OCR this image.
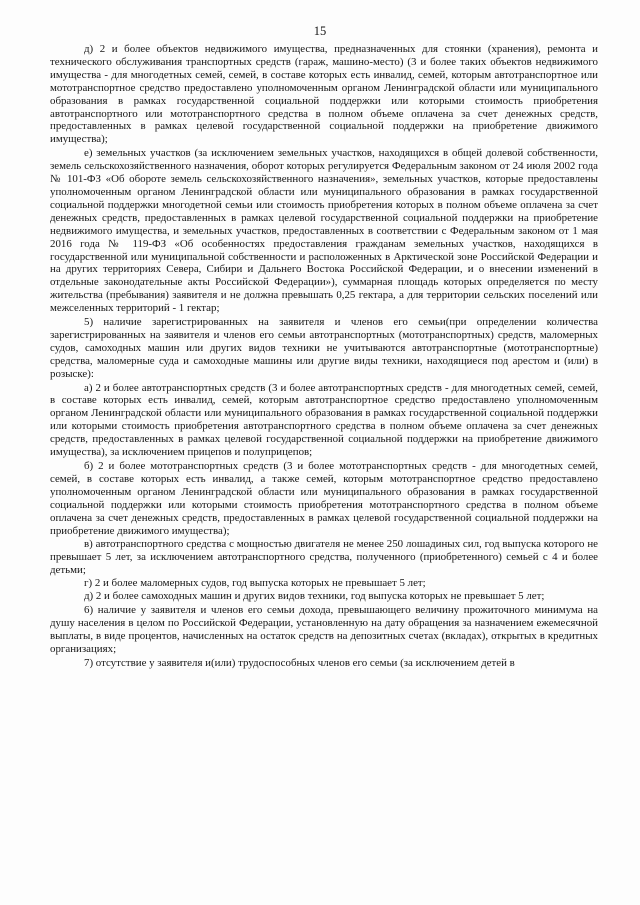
15

д) 2 и более объектов недвижимого имущества, предназначенных для стоянки (хранения), ремонта и технического обслуживания транспортных средств (гараж, машино-место) (3 и более таких объектов недвижимого имущества - для многодетных семей, семей, в составе которых есть инвалид, семей, которым автотранспортное или мототранспортное средство предоставлено уполномоченным органом Ленинградской области или муниципального образования в рамках государственной социальной поддержки или которыми стоимость приобретения автотранспортного или мототранспортного средства в полном объеме оплачена за счет денежных средств, предоставленных в рамках целевой государственной социальной поддержки на приобретение движимого имущества);

е) земельных участков (за исключением земельных участков, находящихся в общей долевой собственности, земель сельскохозяйственного назначения, оборот которых регулируется Федеральным законом от 24 июля 2002 года № 101-ФЗ «Об обороте земель сельскохозяйственного назначения», земельных участков, которые предоставлены уполномоченным органом Ленинградской области или муниципального образования в рамках государственной социальной поддержки многодетной семьи или стоимость приобретения которых в полном объеме оплачена за счет денежных средств, предоставленных в рамках целевой государственной социальной поддержки на приобретение недвижимого имущества, и земельных участков, предоставленных в соответствии с Федеральным законом от 1 мая 2016 года № 119-ФЗ «Об особенностях предоставления гражданам земельных участков, находящихся в государственной или муниципальной собственности и расположенных в Арктической зоне Российской Федерации и на других территориях Севера, Сибири и Дальнего Востока Российской Федерации, и о внесении изменений в отдельные законодательные акты Российской Федерации»), суммарная площадь которых определяется по месту жительства (пребывания) заявителя и не должна превышать 0,25 гектара, а для территории сельских поселений или межселенных территорий - 1 гектар;

5) наличие зарегистрированных на заявителя и членов его семьи(при определении количества зарегистрированных на заявителя и членов его семьи автотранспортных (мототранспортных) средств, маломерных судов, самоходных машин или других видов техники не учитываются автотранспортные (мототранспортные) средства, маломерные суда и самоходные машины или другие виды техники, находящиеся под арестом и (или) в розыске):

а) 2 и более автотранспортных средств (3 и более автотранспортных средств - для многодетных семей, семей, в составе которых есть инвалид, семей, которым автотранспортное средство предоставлено уполномоченным органом Ленинградской области или муниципального образования в рамках государственной социальной поддержки или которыми стоимость приобретения автотранспортного средства в полном объеме оплачена за счет денежных средств, предоставленных в рамках целевой государственной социальной поддержки на приобретение движимого имущества), за исключением прицепов и полуприцепов;

б) 2 и более мототранспортных средств (3 и более мототранспортных средств - для многодетных семей, семей, в составе которых есть инвалид, а также семей, которым мототранспортное средство предоставлено уполномоченным органом Ленинградской области или муниципального образования в рамках государственной социальной поддержки или которыми стоимость приобретения мототранспортного средства в полном объеме оплачена за счет денежных средств, предоставленных в рамках целевой государственной социальной поддержки на приобретение движимого имущества);

в) автотранспортного средства с мощностью двигателя не менее 250 лошадиных сил, год выпуска которого не превышает 5 лет, за исключением автотранспортного средства, полученного (приобретенного) семьей с 4 и более детьми;

г) 2 и более маломерных судов, год выпуска которых не превышает 5 лет;

д) 2 и более самоходных машин и других видов техники, год выпуска которых не превышает 5 лет;

6) наличие у заявителя и членов его семьи дохода, превышающего величину прожиточного минимума на душу населения в целом по Российской Федерации, установленную на дату обращения за назначением ежемесячной выплаты, в виде процентов, начисленных на остаток средств на депозитных счетах (вкладах), открытых в кредитных организациях;

7) отсутствие у заявителя и(или) трудоспособных членов его семьи (за исключением детей в
